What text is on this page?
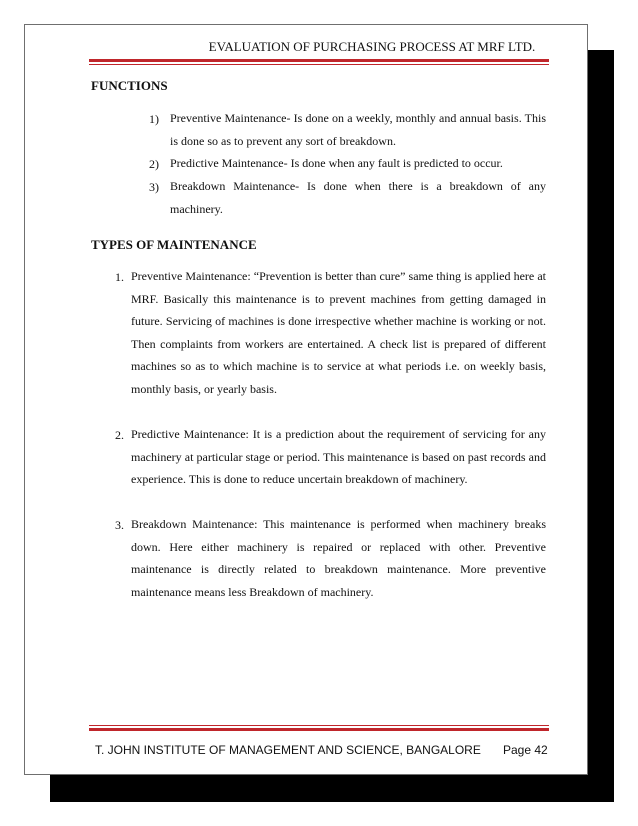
EVALUATION OF PURCHASING PROCESS AT MRF LTD.
FUNCTIONS
1) Preventive Maintenance- Is done on a weekly, monthly and annual basis. This is done so as to prevent any sort of breakdown.
2) Predictive Maintenance- Is done when any fault is predicted to occur.
3) Breakdown Maintenance- Is done when there is a breakdown of any machinery.
TYPES OF MAINTENANCE
1. Preventive Maintenance: “Prevention is better than cure” same thing is applied here at MRF. Basically this maintenance is to prevent machines from getting damaged in future. Servicing of machines is done irrespective whether machine is working or not. Then complaints from workers are entertained. A check list is prepared of different machines so as to which machine is to service at what periods i.e. on weekly basis, monthly basis, or yearly basis.
2. Predictive Maintenance: It is a prediction about the requirement of servicing for any machinery at particular stage or period. This maintenance is based on past records and experience. This is done to reduce uncertain breakdown of machinery.
3. Breakdown Maintenance: This maintenance is performed when machinery breaks down. Here either machinery is repaired or replaced with other. Preventive maintenance is directly related to breakdown maintenance. More preventive maintenance means less Breakdown of machinery.
T. JOHN INSTITUTE OF MANAGEMENT AND SCIENCE, BANGALORE Page 42
